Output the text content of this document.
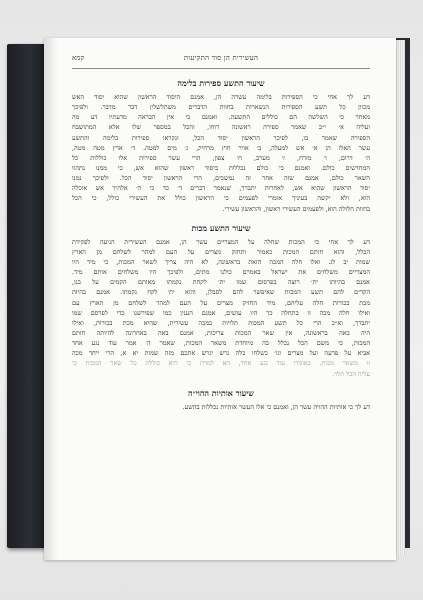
העשירית הן סוד התקיעות
קמא
שיעור התשע ספירות בלימה
דע לך אחי כי הספירות בלימה עשרה הן, אמנם היסוד הראשון שהוא יסוד האש
מכוון כל תשע הספירות הנשארות בחוות הדברים משתלשלין דבר מדבר. ולפיכך
מאחר כי השלשה הם כוללים התשעה. ואמנם כי אין הבראה מדעתיו דע מה
ועליה א׳ י״ב שאמר ספירה ראשונה רוחו, והכל במספר שלו אלא המתושבח
הספירה שאמר בו, לפיכך הראשון יסוד הכל, ונקראו ספירות בלימה והתשע
עשר האלו הן א׳ אש למעלה, ב׳ אויר חוץ מרחיק, ג׳ מים למטה. ד׳ ארץ מטה מטה,
ה׳ דרום, ו׳ מזרח, ז׳ מערב, ח׳ צפון, הרי עשר ספירות אלו כוללות כל
המחדשים כולם. ואמנם כי כולם נכללות ביסוד ראשון שהוא אש, כי ממנו נתהוו
השאר כולם, אמנם שזה אחר זה נמשכים, הרי הראשון יסוד הכל. ולפיכך נמנו
יסוד הראשון שהוא אש, לאחרות יתברך, שנאמר דברים ד׳ כד כי ה׳ אלהיך אש אוכלה
הוא, ולא יקשה בעיניך אומרי לפעמים כי הראשון כולל את העשירי כולל, כי הכל
בחוות חלולה הוא, ולפעמים העשירי ראשון, והראשון עשירי.
שיעור התשע מכות
דע לך אחי כי המכות שחלה על המצריים עשר הן, אמנם העשירית הגיעה לפקידת
הכלל, והוא חותם המכות כאמור ותחזק מצרים על העם למהר לשלחם מן הארץ
שמות יב לג. ואלו חלה המכה הזאת בראשונה, לא היה צריך לשאר המכות, כי מיד היו
המצריים משלחים את ישראל באמרם כולנו מתים, ולפיכך היו משלחים אותם מיד.
אמנם בהיותו ית׳ רוצה בפרסום שמו ית׳ לקחת נקמתו מאותם הקמים על בנו,
הקדים להם תשע המכות שאיפשר להם לסבלן, והוא ית׳ לקח נקמתו. אמנם בהיות
מכת בכורות חלה עליהם, מיד החזיק מצרים על העם למהר לשלחם מן הארץ עם
ואילו חלה מכה זו בתחלה כך היו עושים, אמנם הענין כמו שפירשנו כדי לפרסם שמו
יתברך, וא״כ הרי כל תשע המכות תלויות במכה עשירית, שהיא מכת בכורות, ואילו
היה באה בראשונה, אין שאר המכות צריכות, אמנם באה באחרונה להיותה חותם
המכות, כי משם הכל נכלל בה מיוחדת משאר המכות, שאמר ה׳ אמר עוד נגע אחד
אביא על פרעה ועל מצרים וגו׳ כשלחו כלה גרש יגרש אתכם מזה שמות יא א, הרי ייחד מכה
זו משאר מכות, כאומרו עוד נגע אחד, הא למדת כי היא כוללת כל שאר המכות כי
עליה הכל תלוי.
שיעור אותיות ההוי״ה
דע לך כי אותיות ההויה עשר הן, ואמנם כי אלו העשר אותיות נכללות בהשע.
